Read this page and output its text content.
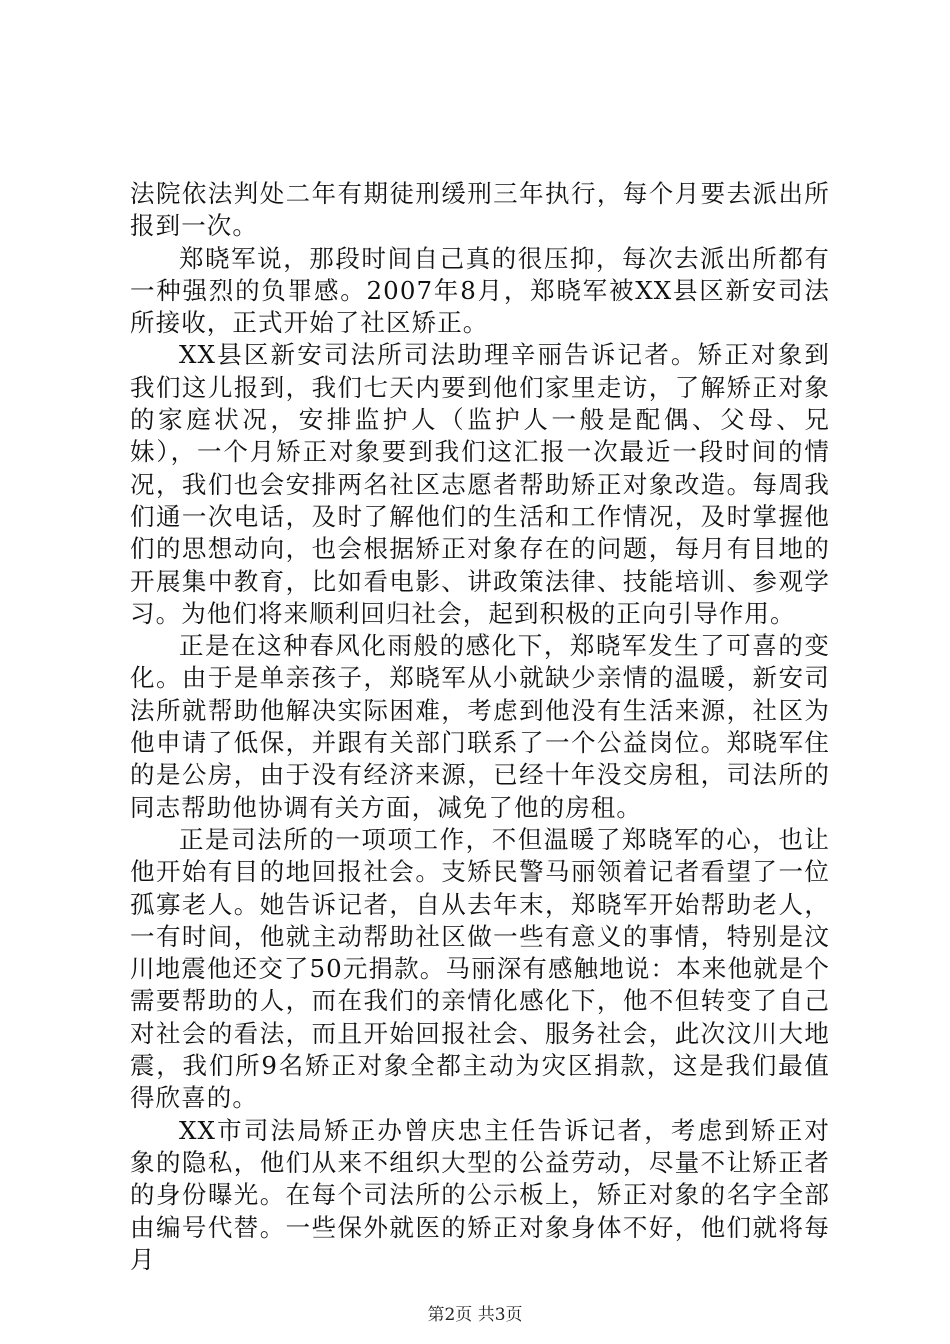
法院依法判处二年有期徒刑缓刑三年执行，每个月要去派出所报到一次。

郑晓军说，那段时间自己真的很压抑，每次去派出所都有一种强烈的负罪感。2007年8月，郑晓军被XX县区新安司法所接收，正式开始了社区矫正。

XX县区新安司法所司法助理辛丽告诉记者。矫正对象到我们这儿报到，我们七天内要到他们家里走访，了解矫正对象的家庭状况，安排监护人（监护人一般是配偶、父母、兄妹），一个月矫正对象要到我们这汇报一次最近一段时间的情况，我们也会安排两名社区志愿者帮助矫正对象改造。每周我们通一次电话，及时了解他们的生活和工作情况，及时掌握他们的思想动向，也会根据矫正对象存在的问题，每月有目地的开展集中教育，比如看电影、讲政策法律、技能培训、参观学习。为他们将来顺利回归社会，起到积极的正向引导作用。

正是在这种春风化雨般的感化下，郑晓军发生了可喜的变化。由于是单亲孩子，郑晓军从小就缺少亲情的温暖，新安司法所就帮助他解决实际困难，考虑到他没有生活来源，社区为他申请了低保，并跟有关部门联系了一个公益岗位。郑晓军住的是公房，由于没有经济来源，已经十年没交房租，司法所的同志帮助他协调有关方面，减免了他的房租。

正是司法所的一项项工作，不但温暖了郑晓军的心，也让他开始有目的地回报社会。支矫民警马丽领着记者看望了一位孤寡老人。她告诉记者，自从去年末，郑晓军开始帮助老人，一有时间，他就主动帮助社区做一些有意义的事情，特别是汶川地震他还交了50元捐款。马丽深有感触地说：本来他就是个需要帮助的人，而在我们的亲情化感化下，他不但转变了自己对社会的看法，而且开始回报社会、服务社会，此次汶川大地震，我们所9名矫正对象全都主动为灾区捐款，这是我们最值得欣喜的。

XX市司法局矫正办曾庆忠主任告诉记者，考虑到矫正对象的隐私，他们从来不组织大型的公益劳动，尽量不让矫正者的身份曝光。在每个司法所的公示板上，矫正对象的名字全部由编号代替。一些保外就医的矫正对象身体不好，他们就将每月

第2页 共3页
